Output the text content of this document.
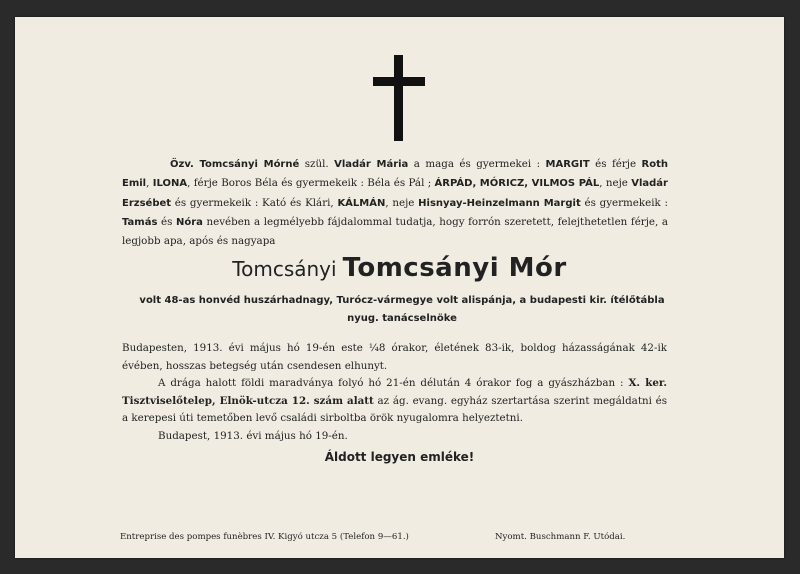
Özv. Tomcsányi Mórné szül. Vladár Mária a maga és gyermekei : MARGIT és férje Roth Emil, ILONA, férje Boros Béla és gyermekeik : Béla és Pál ; ÁRPÁD, MÓRICZ, VILMOS PÁL, neje Vladár Erzsébet és gyermekeik : Kató és Klári, KÁLMÁN, neje Hisnyay-Heinzelmann Margit és gyermekeik : Tamás és Nóra nevében a legmélyebb fájdalommal tudatja, hogy forrón szeretett, felejthetetlen férje, a legjobb apa, após és nagyapa
Tomcsányi Tomcsányi Mór
volt 48-as honvéd huszárhadnagy, Turócz-vármegye volt alispánja, a budapesti kir. ítélőtábla
nyug. tanácselnöke

Budapesten, 1913. évi május hó 19-én este ¼8 órakor, életének 83-ik, boldog házasságának 42-ik évében, hosszas betegség után csendesen elhunyt.

A drága halott földi maradványa folyó hó 21-én délután 4 órakor fog a gyászházban : X. ker. Tisztviselőtelep, Elnök-utcza 12. szám alatt az ág. evang. egyház szertartása szerint megáldatni és a kerepesi úti temetőben levő családi sirboltba örök nyugalomra helyeztetni.

Budapest, 1913. évi május hó 19-én.

Áldott legyen emléke!
Entreprise des pompes funèbres IV. Kigyó utcza 5 (Telefon 9—61.)	Nyomt. Buschmann F. Utódai.
